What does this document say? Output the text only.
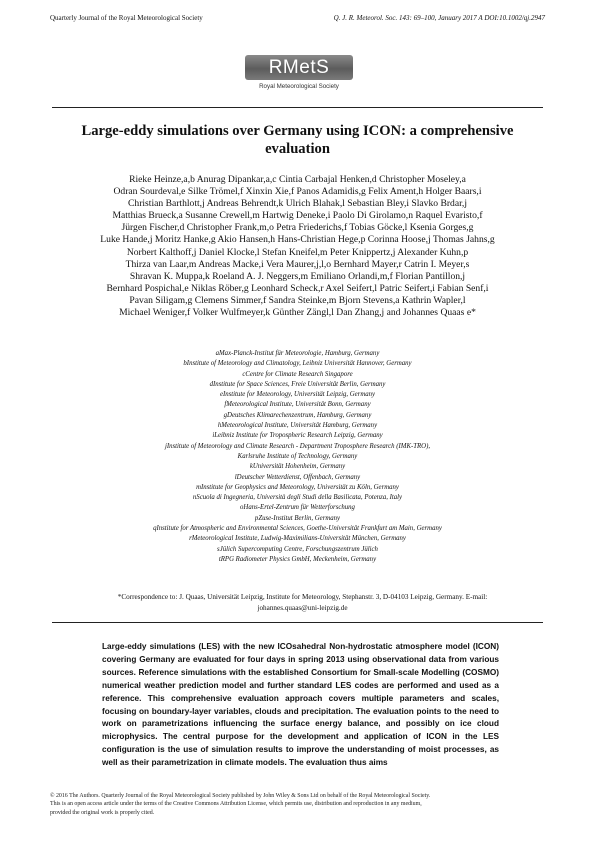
Quarterly Journal of the Royal Meteorological Society	Q. J. R. Meteorol. Soc. 143: 69–100, January 2017 A DOI:10.1002/qj.2947
RMetS
Royal Meteorological Society
Large-eddy simulations over Germany using ICON: a comprehensive evaluation
Rieke Heinze,a,b Anurag Dipankar,a,c Cintia Carbajal Henken,d Christopher Moseley,a
Odran Sourdeval,e Silke Trömel,f Xinxin Xie,f Panos Adamidis,g Felix Ament,h Holger Baars,i
Christian Barthlott,j Andreas Behrendt,k Ulrich Blahak,l Sebastian Bley,i Slavko Brdar,j
Matthias Brueck,a Susanne Crewell,m Hartwig Deneke,i Paolo Di Girolamo,n Raquel Evaristo,f
Jürgen Fischer,d Christopher Frank,m,o Petra Friederichs,f Tobias Göcke,l Ksenia Gorges,g
Luke Hande,j Moritz Hanke,g Akio Hansen,h Hans-Christian Hege,p Corinna Hoose,j Thomas Jahns,g
Norbert Kalthoff,j Daniel Klocke,l Stefan Kneifel,m Peter Knippertz,j Alexander Kuhn,p
Thirza van Laar,m Andreas Macke,i Vera Maurer,j,l,o Bernhard Mayer,r Catrin I. Meyer,s
Shravan K. Muppa,k Roeland A. J. Neggers,m Emiliano Orlandi,m,f Florian Pantillon,j
Bernhard Pospichal,e Niklas Röber,g Leonhard Scheck,r Axel Seifert,l Patric Seifert,i Fabian Senf,i
Pavan Siligam,g Clemens Simmer,f Sandra Steinke,m Bjorn Stevens,a Kathrin Wapler,l
Michael Weniger,f Volker Wulfmeyer,k Günther Zängl,l Dan Zhang,j and Johannes Quaas e*
aMax-Planck-Institut für Meteorologie, Hamburg, Germany
bInstitute of Meteorology and Climatology, Leibniz Universität Hannover, Germany
cCentre for Climate Research Singapore
dInstitute for Space Sciences, Freie Universität Berlin, Germany
eInstitute for Meteorology, Universität Leipzig, Germany
fMeteorological Institute, Universität Bonn, Germany
gDeutsches Klimarechenzentrum, Hamburg, Germany
hMeteorological Institute, Universität Hamburg, Germany
iLeibniz Institute for Tropospheric Research Leipzig, Germany
jInstitute of Meteorology and Climate Research - Department Troposphere Research (IMK-TRO),
Karlsruhe Institute of Technology, Germany
kUniversität Hohenheim, Germany
lDeutscher Wetterdienst, Offenbach, Germany
mInstitute for Geophysics and Meteorology, Universität zu Köln, Germany
nScuola di Ingegneria, Università degli Studi della Basilicata, Potenza, Italy
oHans-Ertel-Zentrum für Wetterforschung
pZuse-Institut Berlin, Germany
qInstitute for Atmospheric and Environmental Sciences, Goethe-Universität Frankfurt am Main, Germany
rMeteorological Institute, Ludwig-Maximilians-Universität München, Germany
sJülich Supercomputing Centre, Forschungszentrum Jülich
tRPG Radiometer Physics GmbH, Meckenheim, Germany
*Correspondence to: J. Quaas, Universität Leipzig, Institute for Meteorology, Stephanstr. 3, D-04103 Leipzig, Germany. E-mail:
johannes.quaas@uni-leipzig.de
Large-eddy simulations (LES) with the new ICOsahedral Non-hydrostatic atmosphere model (ICON) covering Germany are evaluated for four days in spring 2013 using observational data from various sources. Reference simulations with the established Consortium for Small-scale Modelling (COSMO) numerical weather prediction model and further standard LES codes are performed and used as a reference. This comprehensive evaluation approach covers multiple parameters and scales, focusing on boundary-layer variables, clouds and precipitation. The evaluation points to the need to work on parametrizations influencing the surface energy balance, and possibly on ice cloud microphysics. The central purpose for the development and application of ICON in the LES configuration is the use of simulation results to improve the understanding of moist processes, as well as their parametrization in climate models. The evaluation thus aims
© 2016 The Authors. Quarterly Journal of the Royal Meteorological Society published by John Wiley & Sons Ltd on behalf of the Royal Meteorological Society.
This is an open access article under the terms of the Creative Commons Attribution License, which permits use, distribution and reproduction in any medium,
provided the original work is properly cited.
